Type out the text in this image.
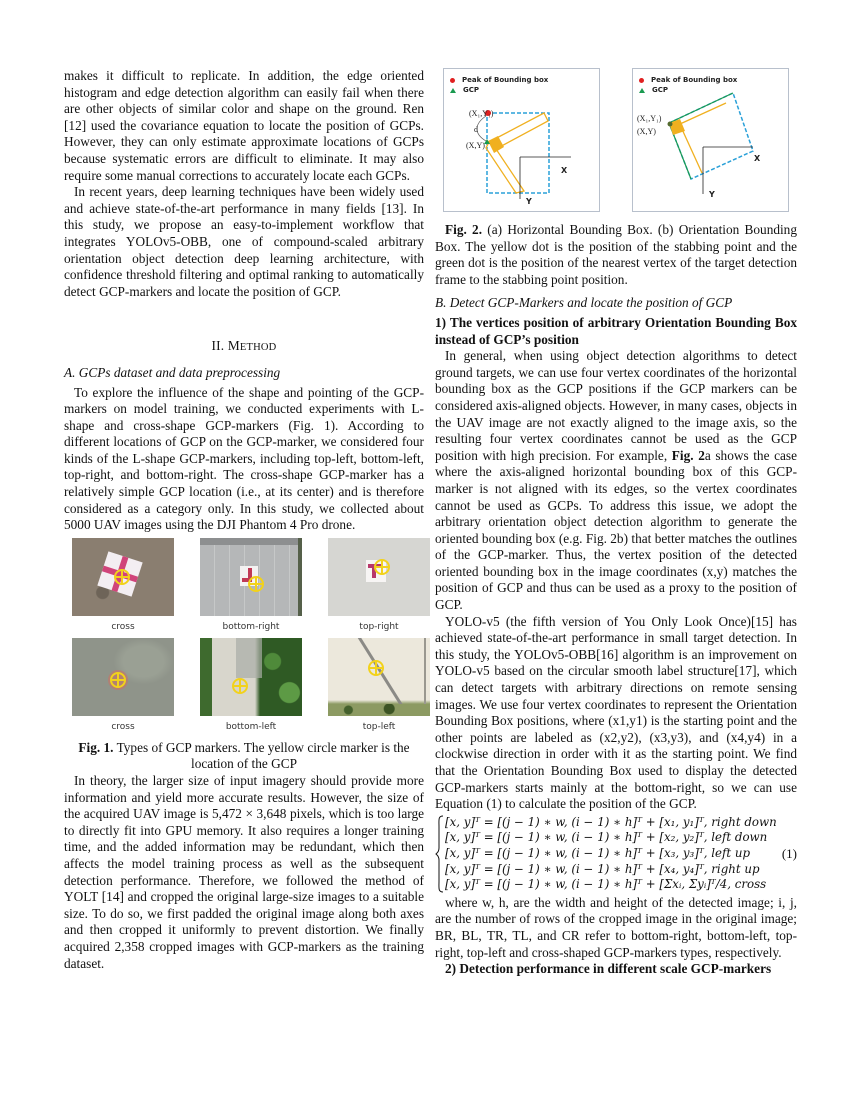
makes it difficult to replicate. In addition, the edge oriented histogram and edge detection algorithm can easily fail when there are other objects of similar color and shape on the ground. Ren [12] used the covariance equation to locate the position of GCPs. However, they can only estimate approximate locations of GCPs because systematic errors are difficult to eliminate. It may also require some manual corrections to accurately locate each GCPs.

In recent years, deep learning techniques have been widely used and achieve state-of-the-art performance in many fields [13]. In this study, we propose an easy-to-implement workflow that integrates YOLOv5-OBB, one of compound-scaled arbitrary orientation object detection deep learning architecture, with confidence threshold filtering and optimal ranking to automatically detect GCP-markers and locate the position of GCP.

II. METHOD

A. GCPs dataset and data preprocessing

To explore the influence of the shape and pointing of the GCP-markers on model training, we conducted experiments with L-shape and cross-shape GCP-markers (Fig. 1). According to different locations of GCP on the GCP-marker, we considered four kinds of the L-shape GCP-markers, including top-left, bottom-left, top-right, and bottom-right. The cross-shape GCP-marker has a relatively simple GCP location (i.e., at its center) and is therefore considered as a category only. In this study, we collected about 5000 UAV images using the DJI Phantom 4 Pro drone.

cross	bottom-right	top-right
cross	bottom-left	top-left

Fig. 1. Types of GCP markers. The yellow circle marker is the location of the GCP

In theory, the larger size of input imagery should provide more information and yield more accurate results. However, the size of the acquired UAV image is 5,472 × 3,648 pixels, which is too large to directly fit into GPU memory. It also requires a longer training time, and the added information may be redundant, which then affects the model training process as well as the subsequent detection performance. Therefore, we followed the method of YOLT [14] and cropped the original large-size images to a suitable size. To do so, we first padded the original image along both axes and then cropped it uniformly to prevent distortion. We finally acquired 2,358 cropped images with GCP-markers as the training dataset.

Peak of Bounding box
GCP
(X₁,Y₁)
d
(X,Y)
X
Y
Peak of Bounding box
GCP
(X₁,Y₁)
(X,Y)
X
Y

Fig. 2. (a) Horizontal Bounding Box. (b) Orientation Bounding Box. The yellow dot is the position of the stabbing point and the green dot is the position of the nearest vertex of the target detection frame to the stabbing point position.

B. Detect GCP-Markers and locate the position of GCP

1) The vertices position of arbitrary Orientation Bounding Box instead of GCP’s position

In general, when using object detection algorithms to detect ground targets, we can use four vertex coordinates of the horizontal bounding box as the GCP positions if the GCP markers can be considered axis-aligned objects. However, in many cases, objects in the UAV image are not exactly aligned to the image axis, so the resulting four vertex coordinates cannot be used as the GCP position with high precision. For example, Fig. 2a shows the case where the axis-aligned horizontal bounding box of this GCP-marker is not aligned with its edges, so the vertex coordinates cannot be used as GCPs. To address this issue, we adopt the arbitrary orientation object detection algorithm to generate the oriented bounding box (e.g. Fig. 2b) that better matches the outlines of the GCP-marker. Thus, the vertex position of the detected oriented bounding box in the image coordinates (x,y) matches the position of GCP and thus can be used as a proxy to the position of GCP.

YOLO-v5 (the fifth version of You Only Look Once)[15] has achieved state-of-the-art performance in small target detection. In this study, the YOLOv5-OBB[16] algorithm is an improvement on YOLO-v5 based on the circular smooth label structure[17], which can detect targets with arbitrary directions on remote sensing images. We use four vertex coordinates to represent the Orientation Bounding Box positions, where (x1,y1) is the starting point and the other points are labeled as (x2,y2), (x3,y3), and (x4,y4) in a clockwise direction in order with it as the starting point. We find that the Orientation Bounding Box used to display the detected GCP-markers starts mainly at the bottom-right, so we can use Equation (1) to calculate the position of the GCP.

[x, y]ᵀ = [(j − 1) ∗ w, (i − 1) ∗ h]ᵀ + [x₁, y₁]ᵀ, right down
[x, y]ᵀ = [(j − 1) ∗ w, (i − 1) ∗ h]ᵀ + [x₂, y₂]ᵀ, left down
[x, y]ᵀ = [(j − 1) ∗ w, (i − 1) ∗ h]ᵀ + [x₃, y₃]ᵀ, left up
[x, y]ᵀ = [(j − 1) ∗ w, (i − 1) ∗ h]ᵀ + [x₄, y₄]ᵀ, right up
[x, y]ᵀ = [(j − 1) ∗ w, (i − 1) ∗ h]ᵀ + [Σxᵢ, Σyᵢ]ᵀ/4, cross
(1)

where w, h, are the width and height of the detected image; i, j, are the number of rows of the cropped image in the original image; BR, BL, TR, TL, and CR refer to bottom-right, bottom-left, top-right, top-left and cross-shaped GCP-markers types, respectively.

2) Detection performance in different scale GCP-markers
